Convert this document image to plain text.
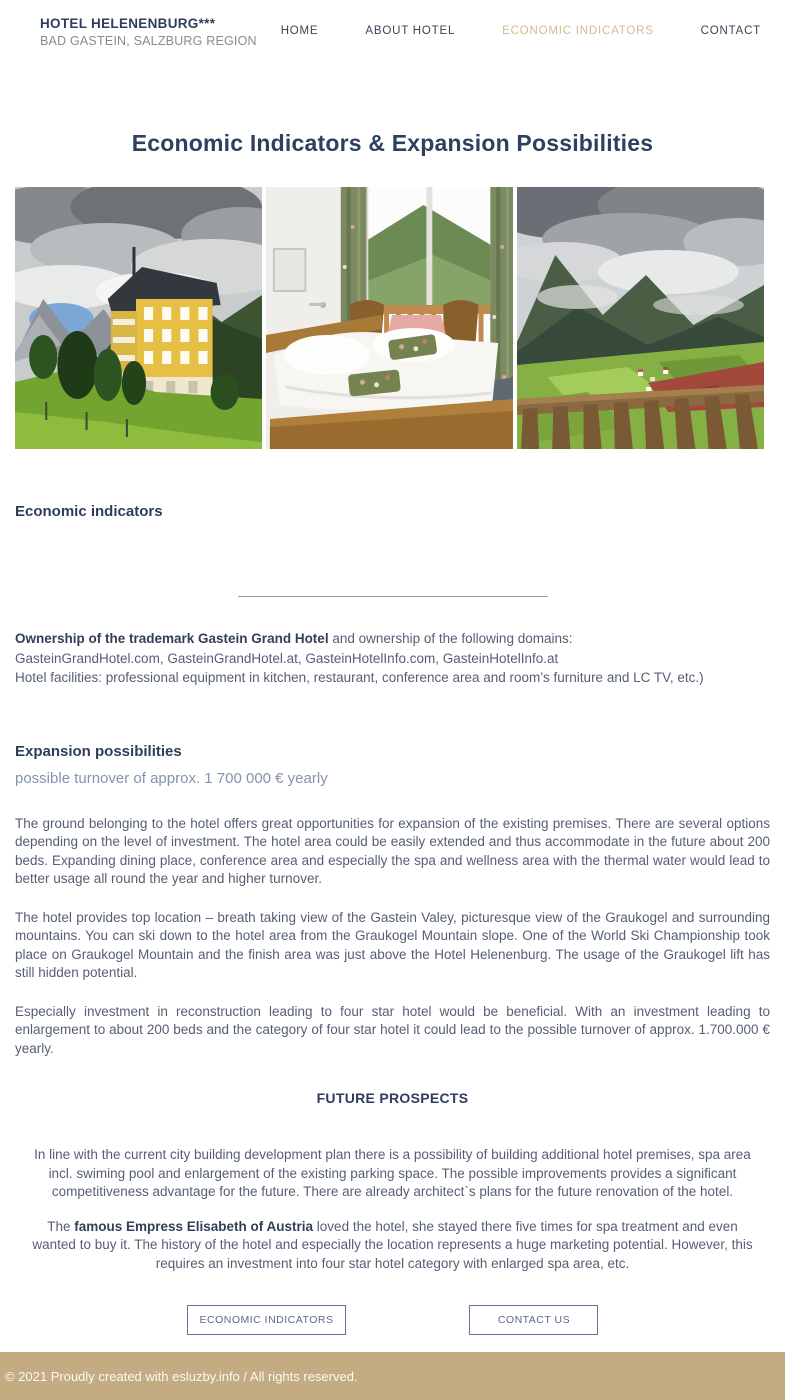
HOTEL HELENENBURG***
BAD GASTEIN, SALZBURG REGION
HOME	ABOUT HOTEL	ECONOMIC INDICATORS	CONTACT
Economic Indicators & Expansion Possibilities
Economic indicators

Ownership of the trademark Gastein Grand Hotel and ownership of the following domains:
GasteinGrandHotel.com, GasteinGrandHotel.at, GasteinHotelInfo.com, GasteinHotelInfo.at
Hotel facilities: professional equipment in kitchen, restaurant, conference area and room’s furniture and LC TV, etc.)

Expansion possibilities
possible turnover of approx. 1 700 000 € yearly

The ground belonging to the hotel offers great opportunities for expansion of the existing premises. There are several options depending on the level of investment. The hotel area could be easily extended and thus accommodate in the future about 200 beds. Expanding dining place, conference area and especially the spa and wellness area with the thermal water would lead to better usage all round the year and higher turnover.

The hotel provides top location – breath taking view of the Gastein Valey, picturesque view of the Graukogel and surrounding mountains. You can ski down to the hotel area from the Graukogel Mountain slope. One of the World Ski Championship took place on Graukogel Mountain and the finish area was just above the Hotel Helenenburg. The usage of the Graukogel lift has still hidden potential.

Especially investment in reconstruction leading to four star hotel would be beneficial. With an investment leading to enlargement to about 200 beds and the category of four star hotel it could lead to the possible turnover of approx. 1.700.000 € yearly.

FUTURE PROSPECTS

In line with the current city building development plan there is a possibility of building additional hotel premises, spa area incl. swiming pool and enlargement of the existing parking space. The possible improvements provides a significant competitiveness advantage for the future. There are already architect`s plans for the future renovation of the hotel.

The famous Empress Elisabeth of Austria loved the hotel, she stayed there five times for spa treatment and even wanted to buy it. The history of the hotel and especially the location represents a huge marketing potential. However, this requires an investment into four star hotel category with enlarged spa area, etc.

ECONOMIC INDICATORS	CONTACT US
© 2021 Proudly created with esluzby.info / All rights reserved.
